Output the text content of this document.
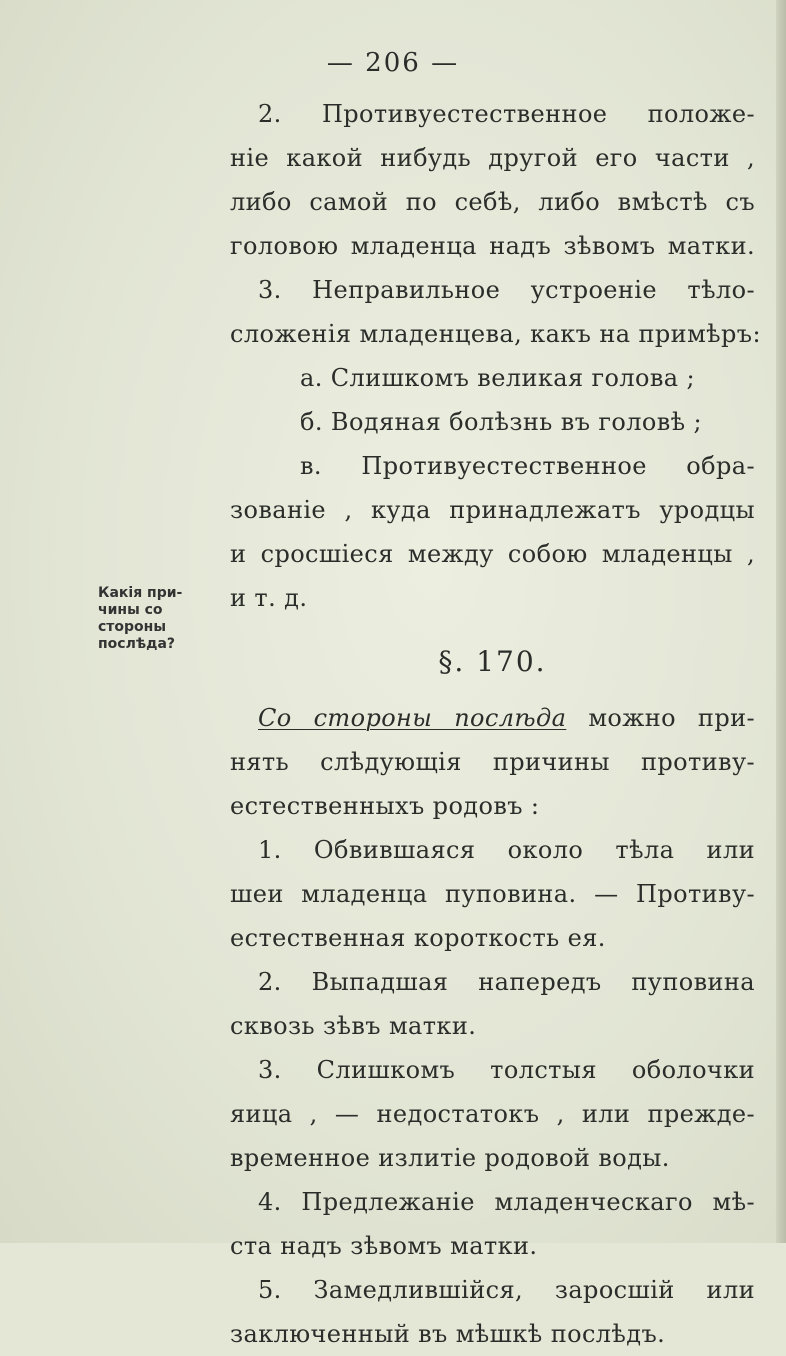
— 206 —
Какія при-
чины со
стороны
послѣда?
2. Противуестественное положе-
ніе какой нибудь другой его части ,
либо самой по себѣ, либо вмѣстѣ съ
головою младенца надъ зѣвомъ матки.
3. Неправильное устроеніе тѣло-
сложенія младенцева, какъ на примѣръ:
а. Слишкомъ великая голова ;
б. Водяная болѣзнь въ головѣ ;
в. Противуестественное обра-
зованіе , куда принадлежатъ уродцы
и сросшіеся между собою младенцы ,
и т. д.
§. 170.
Со стороны послѣда можно при-
нять слѣдующія причины противу-
естественныхъ родовъ :
1. Обвившаяся около тѣла или
шеи младенца пуповина. — Противу-
естественная короткость ея.
2. Выпадшая напередъ пуповина
сквозь зѣвъ матки.
3. Слишкомъ толстыя оболочки
яица , — недостатокъ , или прежде-
временное излитіе родовой воды.
4. Предлежаніе младенческаго мѣ-
ста надъ зѣвомъ матки.
5. Замедлившійся, заросшій или
заключенный въ мѣшкѣ послѣдъ.
